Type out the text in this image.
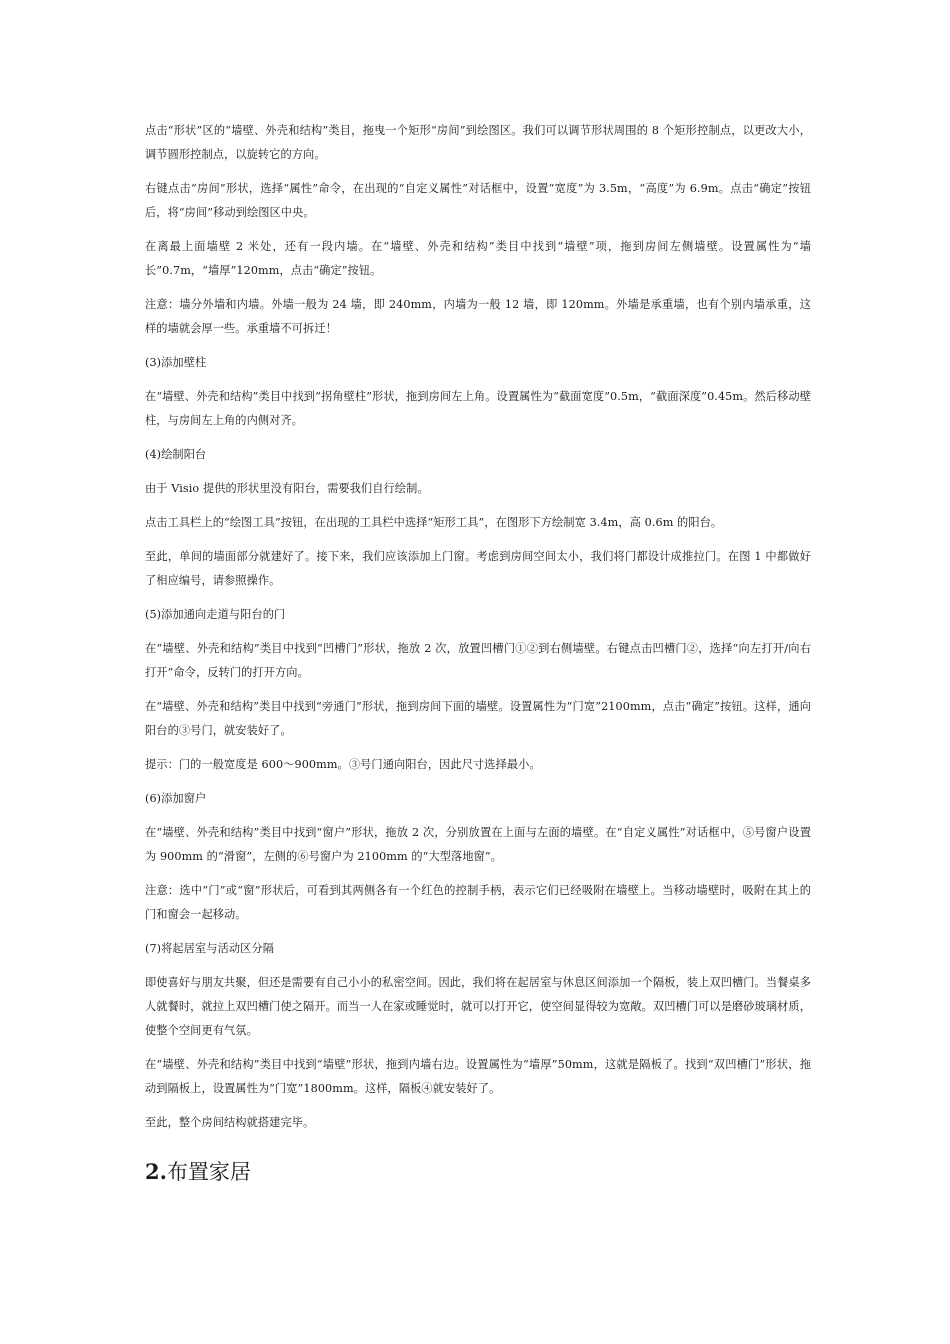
点击“形状”区的“墙壁、外壳和结构”类目，拖曳一个矩形“房间”到绘图区。我们可以调节形状周围的 8 个矩形控制点，以更改大小，调节圆形控制点，以旋转它的方向。

右键点击“房间”形状，选择“属性”命令，在出现的“自定义属性”对话框中，设置“宽度”为 3.5m，“高度”为 6.9m。点击“确定”按钮后，将“房间”移动到绘图区中央。

在离最上面墙壁 2 米处，还有一段内墙。在“墙壁、外壳和结构”类目中找到“墙壁”项，拖到房间左侧墙壁。设置属性为“墙长”0.7m，“墙厚”120mm，点击“确定”按钮。

注意：墙分外墙和内墙。外墙一般为 24 墙，即 240mm，内墙为一般 12 墙，即 120mm。外墙是承重墙，也有个别内墙承重，这样的墙就会厚一些。承重墙不可拆迁！

(3)添加壁柱

在“墙壁、外壳和结构”类目中找到“拐角壁柱”形状，拖到房间左上角。设置属性为“截面宽度”0.5m，“截面深度”0.45m。然后移动壁柱，与房间左上角的内侧对齐。

(4)绘制阳台

由于 Visio 提供的形状里没有阳台，需要我们自行绘制。

点击工具栏上的“绘图工具”按钮，在出现的工具栏中选择“矩形工具”，在图形下方绘制宽 3.4m，高 0.6m 的阳台。

至此，单间的墙面部分就建好了。接下来，我们应该添加上门窗。考虑到房间空间太小，我们将门都设计成推拉门。在图 1 中都做好了相应编号，请参照操作。

(5)添加通向走道与阳台的门

在“墙壁、外壳和结构”类目中找到“凹槽门”形状，拖放 2 次，放置凹槽门①②到右侧墙壁。右键点击凹槽门②，选择“向左打开/向右打开”命令，反转门的打开方向。

在“墙壁、外壳和结构”类目中找到“旁通门”形状，拖到房间下面的墙壁。设置属性为“门宽”2100mm，点击“确定”按钮。这样，通向阳台的③号门，就安装好了。

提示：门的一般宽度是 600～900mm。③号门通向阳台，因此尺寸选择最小。

(6)添加窗户

在“墙壁、外壳和结构”类目中找到“窗户”形状，拖放 2 次，分别放置在上面与左面的墙壁。在“自定义属性”对话框中，⑤号窗户设置为 900mm 的“滑窗”，左侧的⑥号窗户为 2100mm 的“大型落地窗”。

注意：选中“门”或“窗”形状后，可看到其两侧各有一个红色的控制手柄，表示它们已经吸附在墙壁上。当移动墙壁时，吸附在其上的门和窗会一起移动。

(7)将起居室与活动区分隔

即使喜好与朋友共聚，但还是需要有自己小小的私密空间。因此，我们将在起居室与休息区间添加一个隔板，装上双凹槽门。当餐桌多人就餐时，就拉上双凹槽门使之隔开。而当一人在家或睡觉时，就可以打开它，使空间显得较为宽敞。双凹槽门可以是磨砂玻璃材质，使整个空间更有气氛。

在“墙壁、外壳和结构”类目中找到“墙壁”形状，拖到内墙右边。设置属性为“墙厚”50mm，这就是隔板了。找到“双凹槽门”形状，拖动到隔板上，设置属性为“门宽”1800mm。这样，隔板④就安装好了。

至此，整个房间结构就搭建完毕。

2.布置家居
